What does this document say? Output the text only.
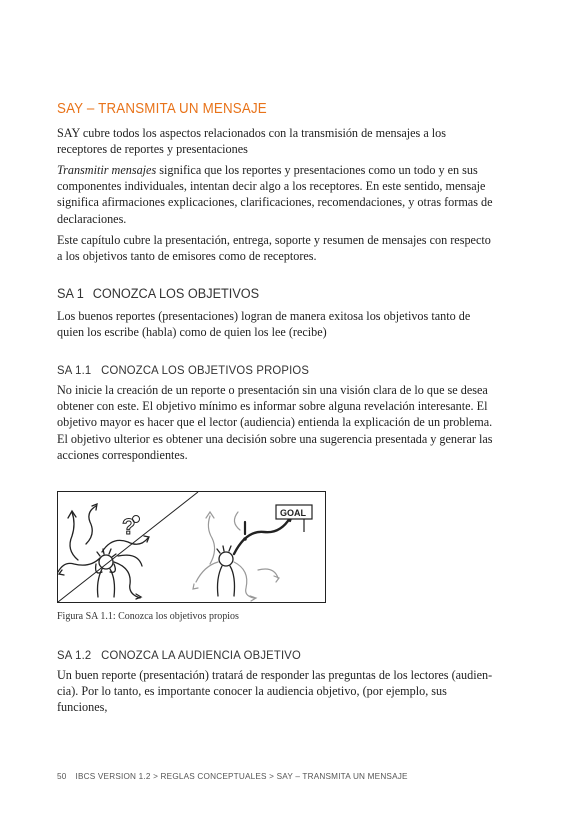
SAY – TRANSMITA UN MENSAJE

SAY cubre todos los aspectos relacionados con la transmisión de mensajes a los receptores de reportes y presentaciones

Transmitir mensajes significa que los reportes y presentaciones como un todo y en sus componentes individuales, intentan decir algo a los receptores. En este sentido, mensaje significa afirmaciones explicaciones, clarificaciones, recomendaciones, y otras formas de declaraciones.

Este capítulo cubre la presentación, entrega, soporte y resumen de mensajes con respecto a los objetivos tanto de emisores como de receptores.

SA 1 CONOZCA LOS OBJETIVOS

Los buenos reportes (presentaciones) logran de manera exitosa los objetivos tanto de quien los escribe (habla) como de quien los lee (recibe)

SA 1.1 CONOZCA LOS OBJETIVOS PROPIOS

No inicie la creación de un reporte o presentación sin una visión clara de lo que se desea obtener con este. El objetivo mínimo es informar sobre alguna revelación interesante. El objetivo mayor es hacer que el lector (audiencia) entienda la explicación de un problema. El objetivo ulterior es obtener una decisión sobre una sugerencia presentada y generar las acciones correspondientes.

?
GOAL
Figura SA 1.1: Conozca los objetivos propios
SA 1.2 CONOZCA LA AUDIENCIA OBJETIVO

Un buen reporte (presentación) tratará de responder las preguntas de los lectores (audiencia). Por lo tanto, es importante conocer la audiencia objetivo, (por ejemplo, sus funciones,

50 IBCS VERSION 1.2 > REGLAS CONCEPTUALES > SAY – TRANSMITA UN MENSAJE
